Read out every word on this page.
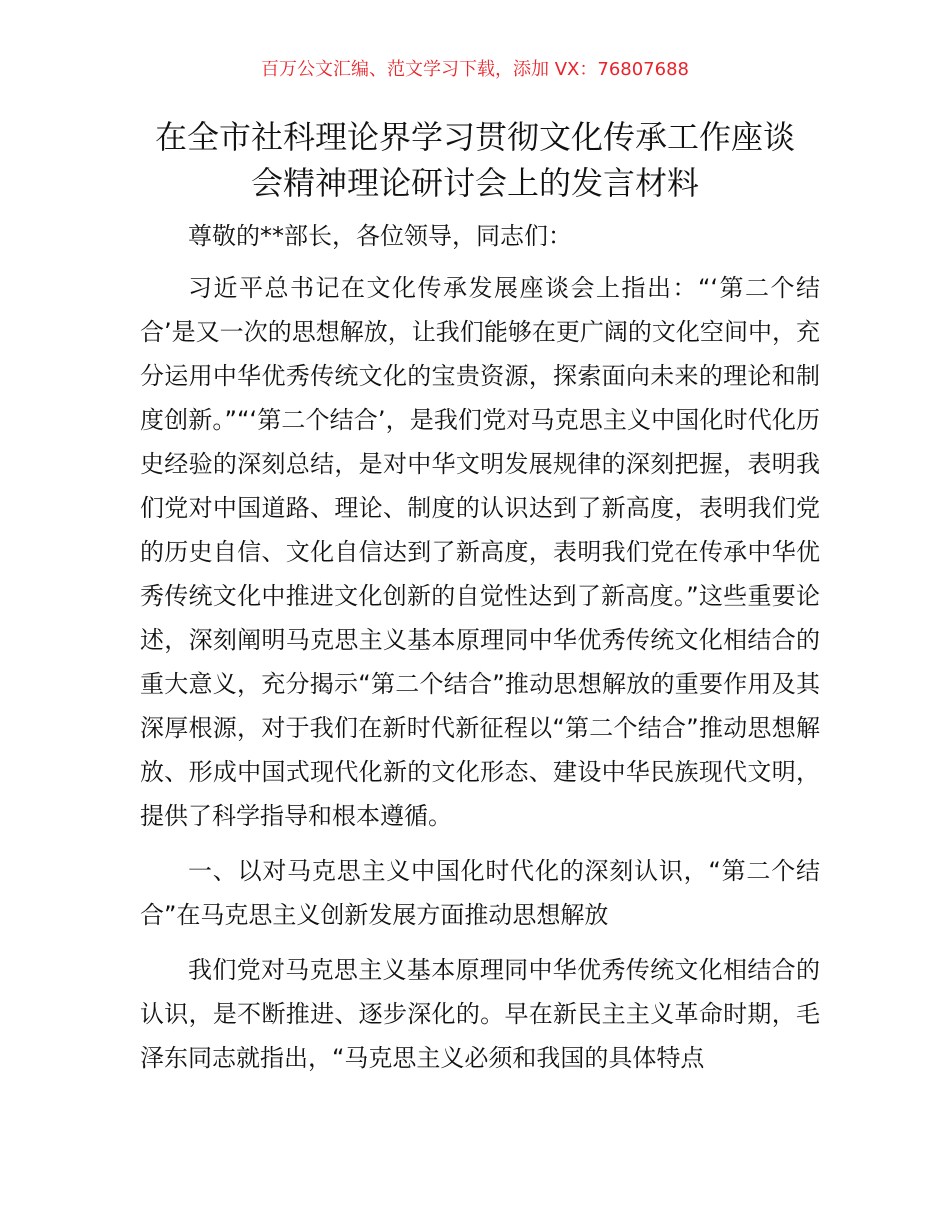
百万公文汇编、范文学习下载，添加 VX：76807688
在全市社科理论界学习贯彻文化传承工作座谈
会精神理论研讨会上的发言材料

尊敬的**部长，各位领导，同志们：

习近平总书记在文化传承发展座谈会上指出：“‘第二个结合’是又一次的思想解放，让我们能够在更广阔的文化空间中，充分运用中华优秀传统文化的宝贵资源，探索面向未来的理论和制度创新。”“‘第二个结合’，是我们党对马克思主义中国化时代化历史经验的深刻总结，是对中华文明发展规律的深刻把握，表明我们党对中国道路、理论、制度的认识达到了新高度，表明我们党的历史自信、文化自信达到了新高度，表明我们党在传承中华优秀传统文化中推进文化创新的自觉性达到了新高度。”这些重要论述，深刻阐明马克思主义基本原理同中华优秀传统文化相结合的重大意义，充分揭示“第二个结合”推动思想解放的重要作用及其深厚根源，对于我们在新时代新征程以“第二个结合”推动思想解放、形成中国式现代化新的文化形态、建设中华民族现代文明，提供了科学指导和根本遵循。

一、以对马克思主义中国化时代化的深刻认识，“第二个结合”在马克思主义创新发展方面推动思想解放

我们党对马克思主义基本原理同中华优秀传统文化相结合的认识，是不断推进、逐步深化的。早在新民主主义革命时期，毛泽东同志就指出，“马克思主义必须和我国的具体特点
